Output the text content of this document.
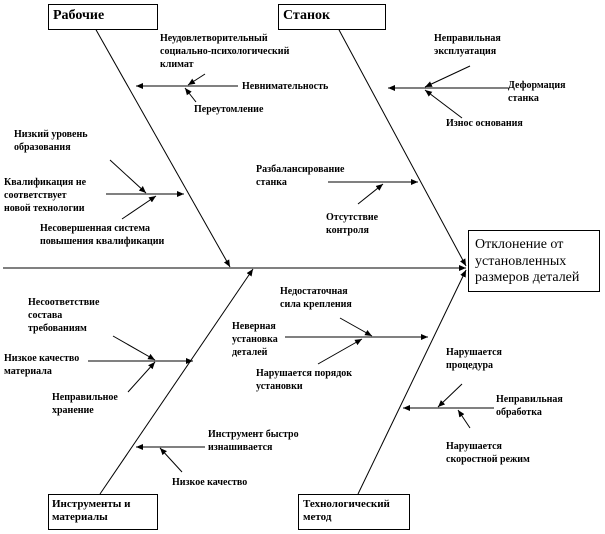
Рабочие	Станок
Инструменты и
материалы
Технологический
метод
Отклонение от
установленных
размеров деталей
Неудовлетворительный
социально-психологический
климат
Невнимательность
Переутомление
Низкий уровень
образования
Квалификация не
соответствует
новой технологии
Несовершенная система
повышения квалификации
Неправильная
эксплуатация
Деформация
станка
Износ основания
Разбалансирование
станка
Отсутствие
контроля
Несоответствие
состава
требованиям
Низкое качество
материала
Неправильное
хранение
Инструмент быстро
изнашивается
Низкое качество
Недостаточная
сила крепления
Неверная
установка
деталей
Нарушается порядок
установки
Нарушается
процедура
Неправильная
обработка
Нарушается
скоростной режим
